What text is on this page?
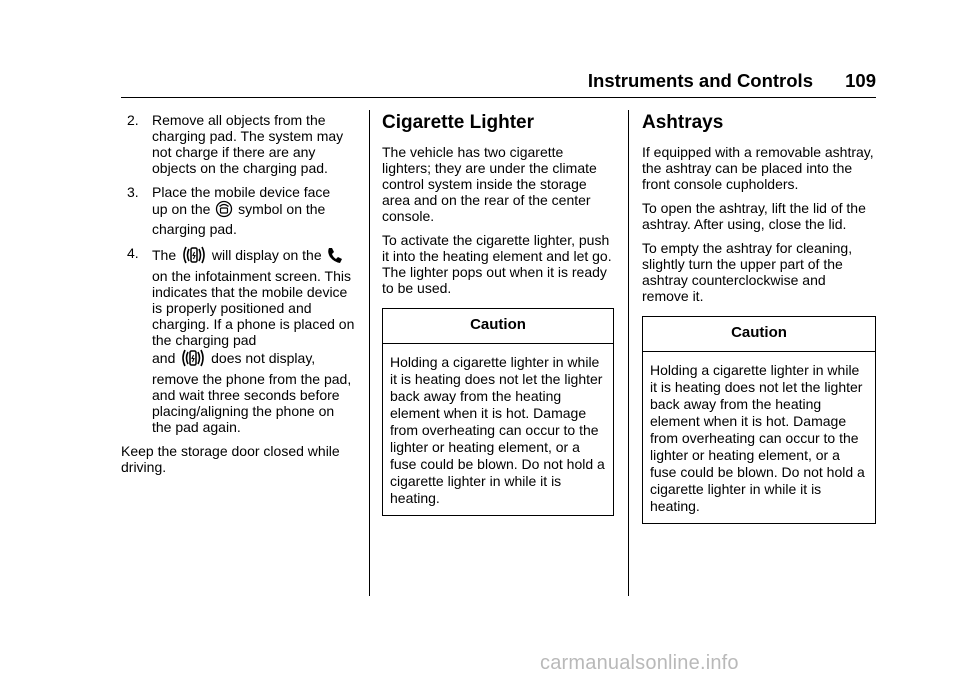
Instruments and Controls 109
2. Remove all objects from the charging pad. The system may not charge if there are any objects on the charging pad.
3. Place the mobile device face
up on the symbol on the
charging pad.
4. The	will display on the
on the infotainment screen. This indicates that the mobile device is properly positioned and charging. If a phone is placed on the charging pad
and	does not display,
remove the phone from the pad, and wait three seconds before placing/aligning the phone on the pad again.

Keep the storage door closed while driving.

Cigarette Lighter

The vehicle has two cigarette lighters; they are under the climate control system inside the storage area and on the rear of the center console.

To activate the cigarette lighter, push it into the heating element and let go. The lighter pops out when it is ready to be used.

Caution
Holding a cigarette lighter in while it is heating does not let the lighter back away from the heating element when it is hot. Damage from overheating can occur to the lighter or heating element, or a fuse could be blown. Do not hold a cigarette lighter in while it is heating.
Ashtrays

If equipped with a removable ashtray, the ashtray can be placed into the front console cupholders.

To open the ashtray, lift the lid of the ashtray. After using, close the lid.

To empty the ashtray for cleaning, slightly turn the upper part of the ashtray counterclockwise and remove it.

Caution
Holding a cigarette lighter in while it is heating does not let the lighter back away from the heating element when it is hot. Damage from overheating can occur to the lighter or heating element, or a fuse could be blown. Do not hold a cigarette lighter in while it is heating.
carmanualsonline.info
